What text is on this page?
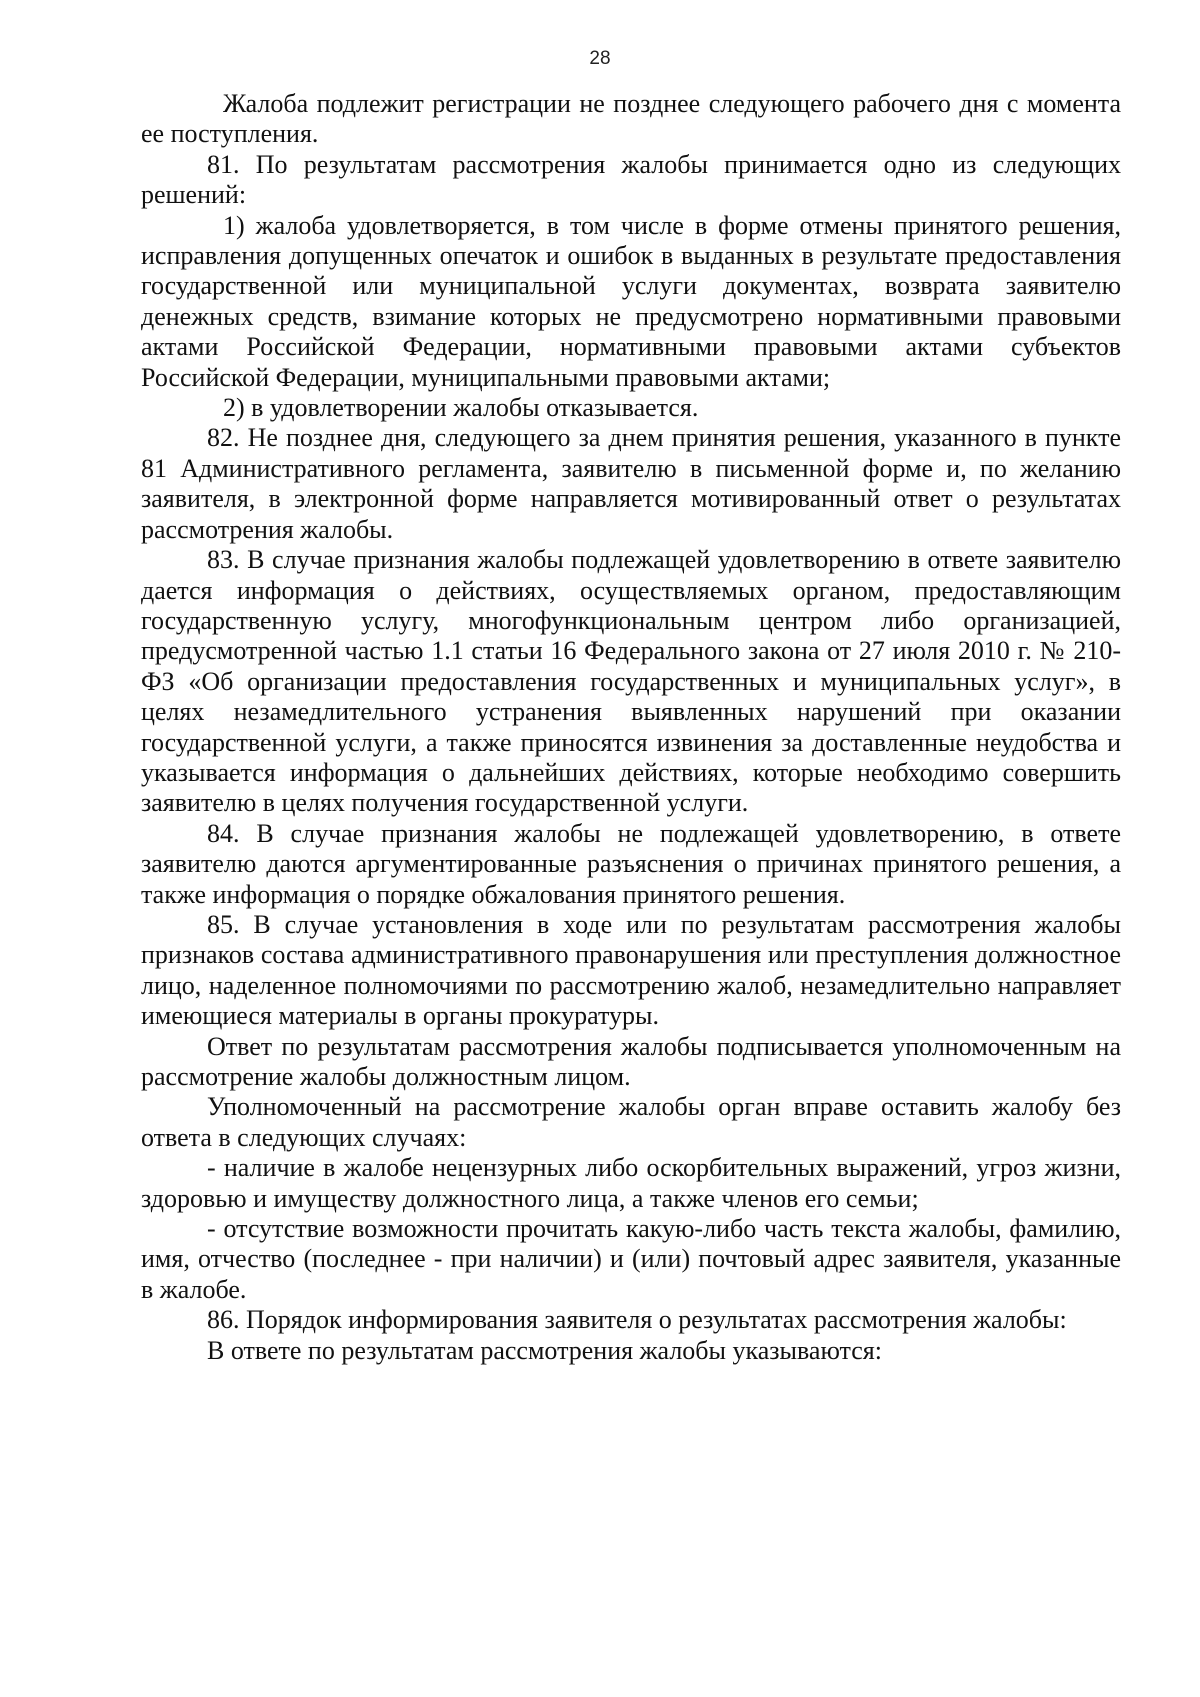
28

Жалоба подлежит регистрации не позднее следующего рабочего дня с момента ее поступления.

81. По результатам рассмотрения жалобы принимается одно из следующих решений:

1) жалоба удовлетворяется, в том числе в форме отмены принятого решения, исправления допущенных опечаток и ошибок в выданных в результате предоставления государственной или муниципальной услуги документах, возврата заявителю денежных средств, взимание которых не предусмотрено нормативными правовыми актами Российской Федерации, нормативными правовыми актами субъектов Российской Федерации, муниципальными правовыми актами;

2) в удовлетворении жалобы отказывается.

82. Не позднее дня, следующего за днем принятия решения, указанного в пункте 81 Административного регламента, заявителю в письменной форме и, по желанию заявителя, в электронной форме направляется мотивированный ответ о результатах рассмотрения жалобы.

83. В случае признания жалобы подлежащей удовлетворению в ответе заявителю дается информация о действиях, осуществляемых органом, предоставляющим государственную услугу, многофункциональным центром либо организацией, предусмотренной частью 1.1 статьи 16 Федерального закона от 27 июля 2010 г. № 210-ФЗ «Об организации предоставления государственных и муниципальных услуг», в целях незамедлительного устранения выявленных нарушений при оказании государственной услуги, а также приносятся извинения за доставленные неудобства и указывается информация о дальнейших действиях, которые необходимо совершить заявителю в целях получения государственной услуги.

84. В случае признания жалобы не подлежащей удовлетворению, в ответе заявителю даются аргументированные разъяснения о причинах принятого решения, а также информация о порядке обжалования принятого решения.

85. В случае установления в ходе или по результатам рассмотрения жалобы признаков состава административного правонарушения или преступления должностное лицо, наделенное полномочиями по рассмотрению жалоб, незамедлительно направляет имеющиеся материалы в органы прокуратуры.

Ответ по результатам рассмотрения жалобы подписывается уполномоченным на рассмотрение жалобы должностным лицом.

Уполномоченный на рассмотрение жалобы орган вправе оставить жалобу без ответа в следующих случаях:

- наличие в жалобе нецензурных либо оскорбительных выражений, угроз жизни, здоровью и имуществу должностного лица, а также членов его семьи;

- отсутствие возможности прочитать какую-либо часть текста жалобы, фамилию, имя, отчество (последнее - при наличии) и (или) почтовый адрес заявителя, указанные в жалобе.

86. Порядок информирования заявителя о результатах рассмотрения жалобы:

В ответе по результатам рассмотрения жалобы указываются:
